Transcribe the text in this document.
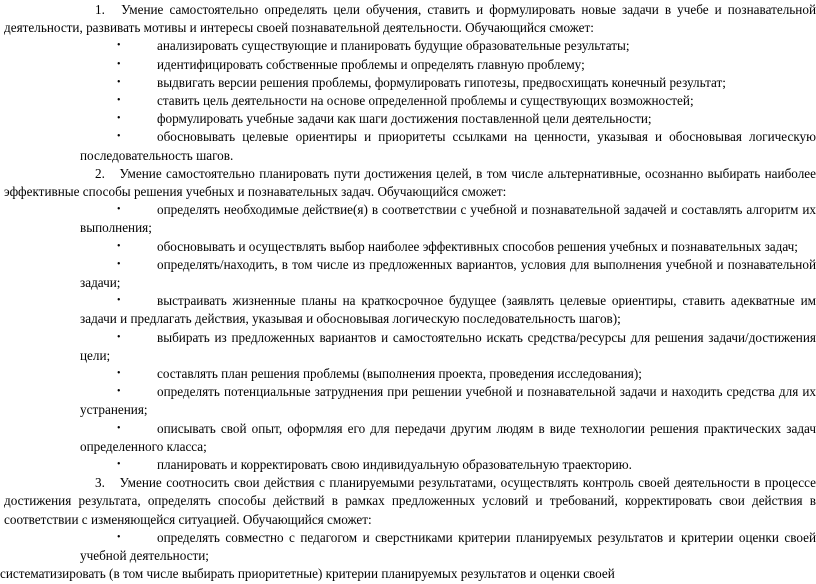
1. Умение самостоятельно определять цели обучения, ставить и формулировать новые задачи в учебе и познавательной деятельности, развивать мотивы и интересы своей познавательной деятельности. Обучающийся сможет:

•	анализировать существующие и планировать будущие образовательные результаты;
•	идентифицировать собственные проблемы и определять главную проблему;
•	выдвигать версии решения проблемы, формулировать гипотезы, предвосхищать конечный результат;
•	ставить цель деятельности на основе определенной проблемы и существующих возможностей;
•	формулировать учебные задачи как шаги достижения поставленной цели деятельности;
•	обосновывать целевые ориентиры и приоритеты ссылками на ценности, указывая и обосновывая логическую последовательность шагов.

2. Умение самостоятельно планировать пути достижения целей, в том числе альтернативные, осознанно выбирать наиболее эффективные способы решения учебных и познавательных задач. Обучающийся сможет:

•	определять необходимые действие(я) в соответствии с учебной и познавательной задачей и составлять алгоритм их выполнения;
•	обосновывать и осуществлять выбор наиболее эффективных способов решения учебных и познавательных задач;
•	определять/находить, в том числе из предложенных вариантов, условия для выполнения учебной и познавательной задачи;
•	выстраивать жизненные планы на краткосрочное будущее (заявлять целевые ориентиры, ставить адекватные им задачи и предлагать действия, указывая и обосновывая логическую последовательность шагов);
•	выбирать из предложенных вариантов и самостоятельно искать средства/ресурсы для решения задачи/достижения цели;
•	составлять план решения проблемы (выполнения проекта, проведения исследования);
•	определять потенциальные затруднения при решении учебной и познавательной задачи и находить средства для их устранения;
•	описывать свой опыт, оформляя его для передачи другим людям в виде технологии решения практических задач определенного класса;
•	планировать и корректировать свою индивидуальную образовательную траекторию.

3. Умение соотносить свои действия с планируемыми результатами, осуществлять контроль своей деятельности в процессе достижения результата, определять способы действий в рамках предложенных условий и требований, корректировать свои действия в соответствии с изменяющейся ситуацией. Обучающийся сможет:

•	определять совместно с педагогом и сверстниками критерии планируемых результатов и критерии оценки своей учебной деятельности;

систематизировать (в том числе выбирать приоритетные) критерии планируемых результатов и оценки своей
